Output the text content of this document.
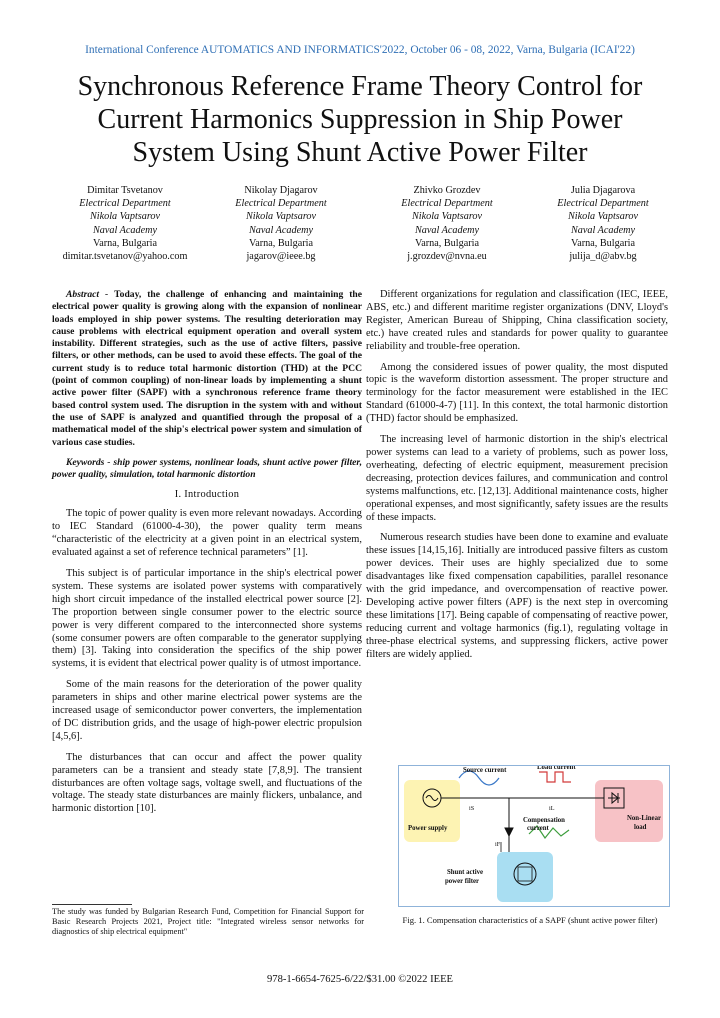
International Conference AUTOMATICS AND INFORMATICS'2022, October 06 - 08, 2022, Varna, Bulgaria (ICAI'22)
Synchronous Reference Frame Theory Control for
Current Harmonics Suppression in Ship Power
System Using Shunt Active Power Filter
Dimitar Tsvetanov
Electrical Department
Nikola Vaptsarov
Naval Academy
Varna, Bulgaria
dimitar.tsvetanov@yahoo.com
Nikolay Djagarov
Electrical Department
Nikola Vaptsarov
Naval Academy
Varna, Bulgaria
jagarov@ieee.bg
Zhivko Grozdev
Electrical Department
Nikola Vaptsarov
Naval Academy
Varna, Bulgaria
j.grozdev@nvna.eu
Julia Djagarova
Electrical Department
Nikola Vaptsarov
Naval Academy
Varna, Bulgaria
julija_d@abv.bg

Abstract - Today, the challenge of enhancing and maintaining the electrical power quality is growing along with the expansion of nonlinear loads employed in ship power systems. The resulting deterioration may cause problems with electrical equipment operation and overall system instability. Different strategies, such as the use of active filters, passive filters, or other methods, can be used to avoid these effects. The goal of the current study is to reduce total harmonic distortion (THD) at the PCC (point of common coupling) of non-linear loads by implementing a shunt active power filter (SAPF) with a synchronous reference frame theory based control system used. The disruption in the system with and without the use of SAPF is analyzed and quantified through the proposal of a mathematical model of the ship's electrical power system and simulation of various case studies.

Keywords - ship power systems, nonlinear loads, shunt active power filter, power quality, simulation, total harmonic distortion

I. Introduction

The topic of power quality is even more relevant nowadays. According to IEC Standard (61000-4-30), the power quality term means “characteristic of the electricity at a given point in an electrical system, evaluated against a set of reference technical parameters” [1].

This subject is of particular importance in the ship's electrical power system. These systems are isolated power systems with comparatively high short circuit impedance of the installed electrical power source [2]. The proportion between single consumer power to the electric source power is very different compared to the interconnected shore systems (some consumer powers are often comparable to the generator supplying them) [3]. Taking into consideration the specifics of the ship power systems, it is evident that electrical power quality is of utmost importance.

Some of the main reasons for the deterioration of the power quality parameters in ships and other marine electrical power systems are the increased usage of semiconductor power converters, the implementation of DC distribution grids, and the usage of high-power electric propulsion [4,5,6].

The disturbances that can occur and affect the power quality parameters can be a transient and steady state [7,8,9]. The transient disturbances are often voltage sags, voltage swell, and fluctuations of the voltage. The steady state disturbances are mainly flickers, unbalance, and harmonic distortion [10].

The study was funded by Bulgarian Research Fund, Competition for Financial Support for Basic Research Projects 2021, Project title: "Integrated wireless sensor networks for diagnostics of ship electrical equipment"

Different organizations for regulation and classification (IEC, IEEE, ABS, etc.) and different maritime register organizations (DNV, Lloyd's Register, American Bureau of Shipping, China classification society, etc.) have created rules and standards for power quality to guarantee reliability and trouble-free operation.

Among the considered issues of power quality, the most disputed topic is the waveform distortion assessment. The proper structure and terminology for the factor measurement were established in the IEC Standard (61000-4-7) [11]. In this context, the total harmonic distortion (THD) factor should be emphasized.

The increasing level of harmonic distortion in the ship's electrical power systems can lead to a variety of problems, such as power loss, overheating, defecting of electric equipment, measurement precision decreasing, protection devices failures, and communication and control systems malfunctions, etc. [12,13]. Additional maintenance costs, higher operational expenses, and most significantly, safety issues are the results of these impacts.

Numerous research studies have been done to examine and evaluate these issues [14,15,16]. Initially are introduced passive filters as custom power devices. Their uses are highly specialized due to some disadvantages like fixed compensation capabilities, parallel resonance with the grid impedance, and overcompensation of reactive power. Developing active power filters (APF) is the next step in overcoming these limitations [17]. Being capable of compensating of reactive power, reducing current and voltage harmonics (fig.1), regulating voltage in three-phase electrical systems, and suppressing flickers, active power filters are widely applied.

Power supply
Non-Linear
load
Shunt active
power filter
Source current	Load current
iS	iL
iF
Compensation
current
Fig. 1. Compensation characteristics of a SAPF (shunt active power filter)
978-1-6654-7625-6/22/$31.00 ©2022 IEEE
